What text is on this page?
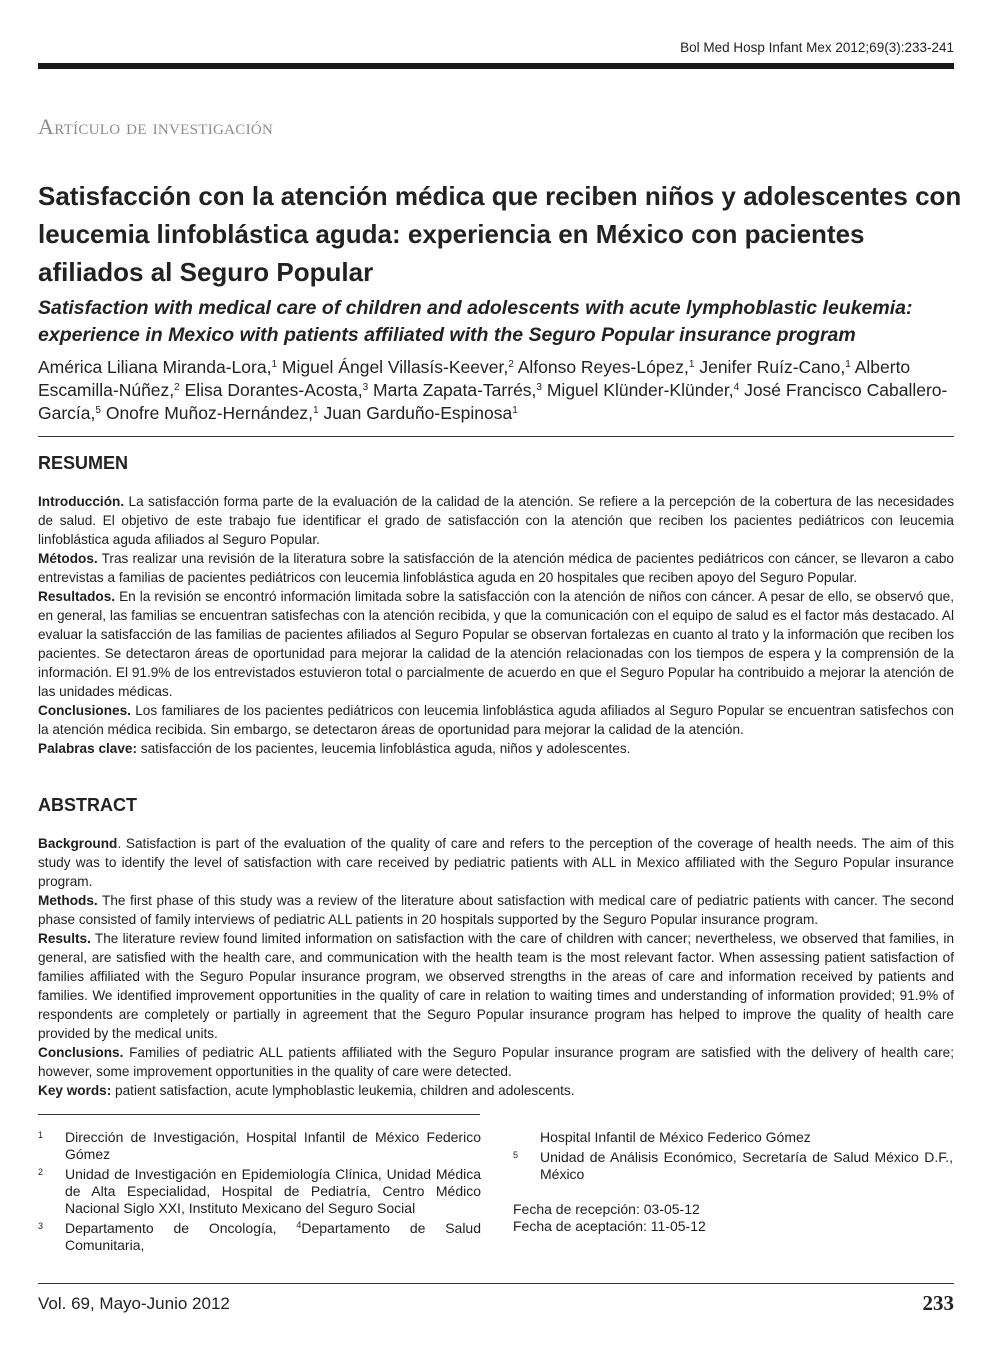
Bol Med Hosp Infant Mex 2012;69(3):233-241
Artículo de investigación
Satisfacción con la atención médica que reciben niños y adolescentes con leucemia linfoblástica aguda: experiencia en México con pacientes afiliados al Seguro Popular
Satisfaction with medical care of children and adolescents with acute lymphoblastic leukemia: experience in Mexico with patients affiliated with the Seguro Popular insurance program
América Liliana Miranda-Lora,$^1$ Miguel Ángel Villasís-Keever,$^2$ Alfonso Reyes-López,$^1$ Jenifer Ruíz-Cano,$^1$ Alberto Escamilla-Núñez,$^2$ Elisa Dorantes-Acosta,$^3$ Marta Zapata-Tarrés,$^3$ Miguel Klünder-Klünder,$^4$ José Francisco Caballero-García,$^5$ Onofre Muñoz-Hernández,$^1$ Juan Garduño-Espinosa$^1$
RESUMEN

Introducción. La satisfacción forma parte de la evaluación de la calidad de la atención. Se refiere a la percepción de la cobertura de las necesidades de salud. El objetivo de este trabajo fue identificar el grado de satisfacción con la atención que reciben los pacientes pediátricos con leucemia linfoblástica aguda afiliados al Seguro Popular.

Métodos. Tras realizar una revisión de la literatura sobre la satisfacción de la atención médica de pacientes pediátricos con cáncer, se llevaron a cabo entrevistas a familias de pacientes pediátricos con leucemia linfoblástica aguda en 20 hospitales que reciben apoyo del Seguro Popular.

Resultados. En la revisión se encontró información limitada sobre la satisfacción con la atención de niños con cáncer. A pesar de ello, se observó que, en general, las familias se encuentran satisfechas con la atención recibida, y que la comunicación con el equipo de salud es el factor más destacado. Al evaluar la satisfacción de las familias de pacientes afiliados al Seguro Popular se observan fortalezas en cuanto al trato y la información que reciben los pacientes. Se detectaron áreas de oportunidad para mejorar la calidad de la atención relacionadas con los tiempos de espera y la comprensión de la información. El 91.9% de los entrevistados estuvieron total o parcialmente de acuerdo en que el Seguro Popular ha contribuido a mejorar la atención de las unidades médicas.

Conclusiones. Los familiares de los pacientes pediátricos con leucemia linfoblástica aguda afiliados al Seguro Popular se encuentran satisfechos con la atención médica recibida. Sin embargo, se detectaron áreas de oportunidad para mejorar la calidad de la atención.

Palabras clave: satisfacción de los pacientes, leucemia linfoblástica aguda, niños y adolescentes.

ABSTRACT

Background. Satisfaction is part of the evaluation of the quality of care and refers to the perception of the coverage of health needs. The aim of this study was to identify the level of satisfaction with care received by pediatric patients with ALL in Mexico affiliated with the Seguro Popular insurance program.

Methods. The first phase of this study was a review of the literature about satisfaction with medical care of pediatric patients with cancer. The second phase consisted of family interviews of pediatric ALL patients in 20 hospitals supported by the Seguro Popular insurance program.

Results. The literature review found limited information on satisfaction with the care of children with cancer; nevertheless, we observed that families, in general, are satisfied with the health care, and communication with the health team is the most relevant factor. When assessing patient satisfaction of families affiliated with the Seguro Popular insurance program, we observed strengths in the areas of care and information received by patients and families. We identified improvement opportunities in the quality of care in relation to waiting times and understanding of information provided; 91.9% of respondents are completely or partially in agreement that the Seguro Popular insurance program has helped to improve the quality of health care provided by the medical units.

Conclusions. Families of pediatric ALL patients affiliated with the Seguro Popular insurance program are satisfied with the delivery of health care; however, some improvement opportunities in the quality of care were detected.

Key words: patient satisfaction, acute lymphoblastic leukemia, children and adolescents.

1 Dirección de Investigación, Hospital Infantil de México Federico Gómez
2 Unidad de Investigación en Epidemiología Clínica, Unidad Médica de Alta Especialidad, Hospital de Pediatría, Centro Médico Nacional Siglo XXI, Instituto Mexicano del Seguro Social
3 Departamento de Oncología, $^4$Departamento de Salud Comunitaria,
Hospital Infantil de México Federico Gómez
5 Unidad de Análisis Económico, Secretaría de Salud México D.F., México
Fecha de recepción: 03-05-12
Fecha de aceptación: 11-05-12
Vol. 69, Mayo-Junio 2012	233
